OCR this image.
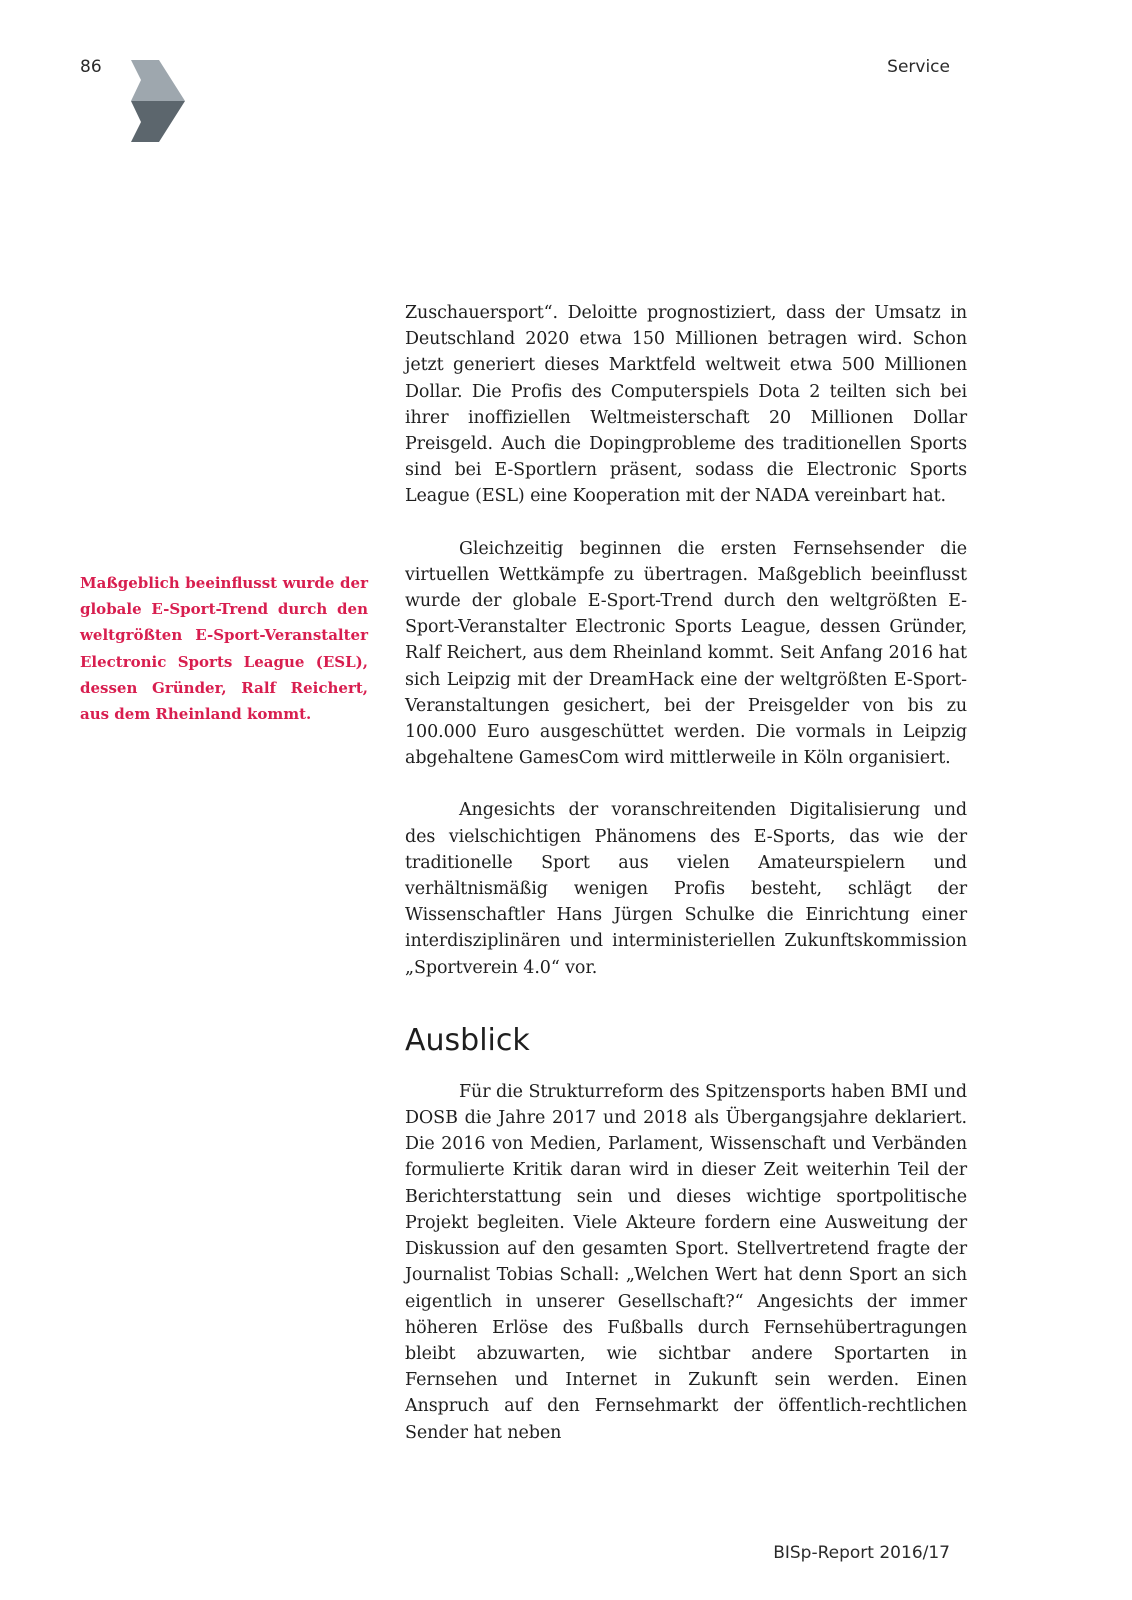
86	Service

Maßgeblich beeinflusst wurde der globale E-Sport-Trend durch den weltgrößten E-Sport-Veranstalter Electronic Sports League (ESL), dessen Gründer, Ralf Reichert, aus dem Rheinland kommt.

Zuschauersport“. Deloitte prognostiziert, dass der Umsatz in Deutschland 2020 etwa 150 Millionen betragen wird. Schon jetzt generiert dieses Marktfeld weltweit etwa 500 Millionen Dollar. Die Profis des Computerspiels Dota 2 teilten sich bei ihrer inoffiziellen Weltmeisterschaft 20 Millionen Dollar Preisgeld. Auch die Dopingprobleme des traditionellen Sports sind bei E-Sportlern präsent, sodass die Electronic Sports League (ESL) eine Kooperation mit der NADA vereinbart hat.

Gleichzeitig beginnen die ersten Fernsehsender die virtuellen Wettkämpfe zu übertragen. Maßgeblich beeinflusst wurde der globale E-Sport-Trend durch den weltgrößten E-Sport-Veranstalter Electronic Sports League, dessen Gründer, Ralf Reichert, aus dem Rheinland kommt. Seit Anfang 2016 hat sich Leipzig mit der DreamHack eine der weltgrößten E-Sport-Veranstaltungen gesichert, bei der Preisgelder von bis zu 100.000 Euro ausgeschüttet werden. Die vormals in Leipzig abgehaltene GamesCom wird mittlerweile in Köln organisiert.

Angesichts der voranschreitenden Digitalisierung und des vielschichtigen Phänomens des E-Sports, das wie der traditionelle Sport aus vielen Amateurspielern und verhältnismäßig wenigen Profis besteht, schlägt der Wissenschaftler Hans Jürgen Schulke die Einrichtung einer interdisziplinären und interministeriellen Zukunftskommission „Sportverein 4.0“ vor.

Ausblick

Für die Strukturreform des Spitzensports haben BMI und DOSB die Jahre 2017 und 2018 als Übergangsjahre deklariert. Die 2016 von Medien, Parlament, Wissenschaft und Verbänden formulierte Kritik daran wird in dieser Zeit weiterhin Teil der Berichterstattung sein und dieses wichtige sportpolitische Projekt begleiten. Viele Akteure fordern eine Ausweitung der Diskussion auf den gesamten Sport. Stellvertretend fragte der Journalist Tobias Schall: „Welchen Wert hat denn Sport an sich eigentlich in unserer Gesellschaft?“ Angesichts der immer höheren Erlöse des Fußballs durch Fernsehübertragungen bleibt abzuwarten, wie sichtbar andere Sportarten in Fernsehen und Internet in Zukunft sein werden. Einen Anspruch auf den Fernsehmarkt der öffentlich-rechtlichen Sender hat neben

BISp-Report 2016/17
